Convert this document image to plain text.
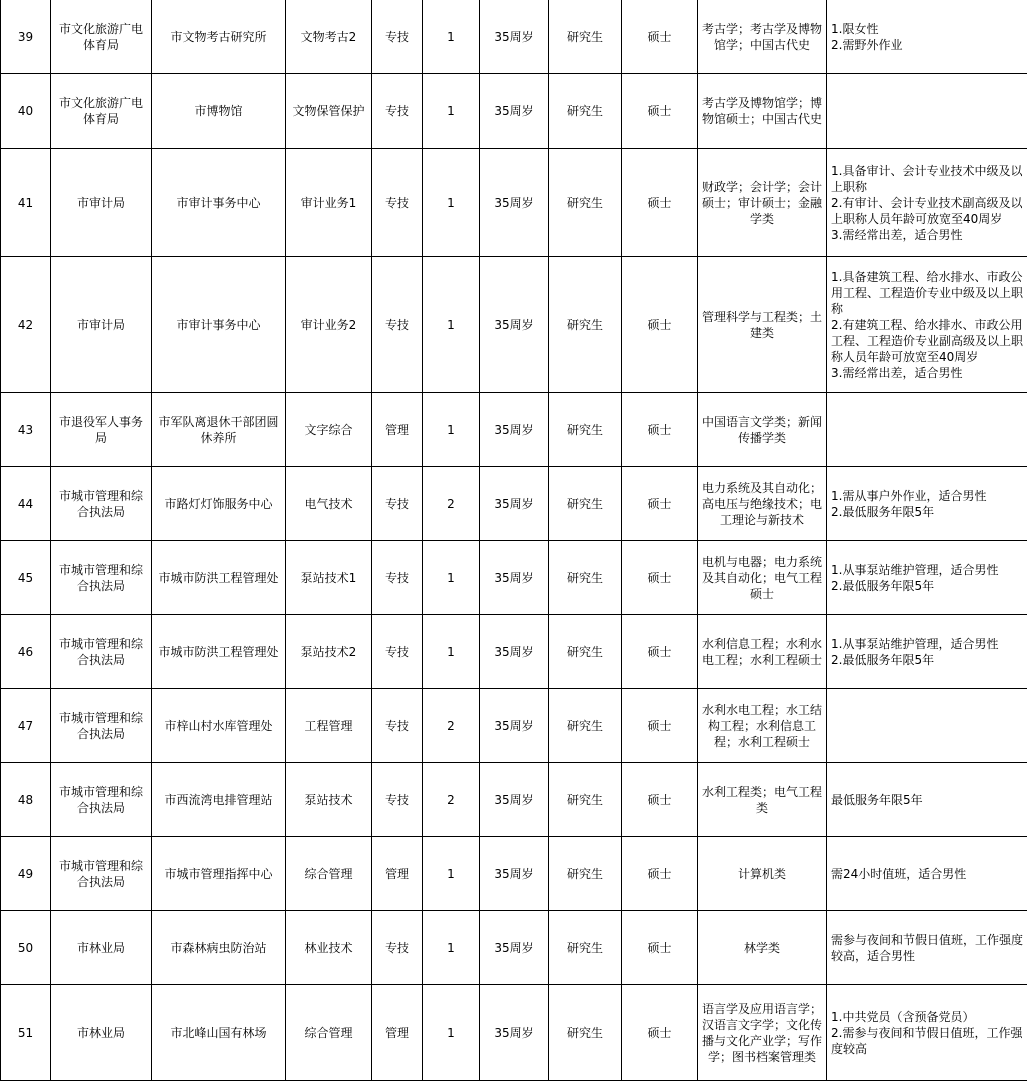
39	市文化旅游广电体育局	市文物考古研究所	文物考古2	专技	1	35周岁	研究生	硕士	考古学；考古学及博物馆学；中国古代史	1.限女性
2.需野外作业
40	市文化旅游广电体育局	市博物馆	文物保管保护	专技	1	35周岁	研究生	硕士	考古学及博物馆学；博物馆硕士；中国古代史	
41	市审计局	市审计事务中心	审计业务1	专技	1	35周岁	研究生	硕士	财政学；会计学；会计硕士；审计硕士；金融学类	1.具备审计、会计专业技术中级及以上职称
2.有审计、会计专业技术副高级及以上职称人员年龄可放宽至40周岁
3.需经常出差，适合男性
42	市审计局	市审计事务中心	审计业务2	专技	1	35周岁	研究生	硕士	管理科学与工程类；土建类	1.具备建筑工程、给水排水、市政公用工程、工程造价专业中级及以上职称
2.有建筑工程、给水排水、市政公用工程、工程造价专业副高级及以上职称人员年龄可放宽至40周岁
3.需经常出差，适合男性
43	市退役军人事务局	市军队离退休干部团圆休养所	文字综合	管理	1	35周岁	研究生	硕士	中国语言文学类；新闻传播学类	
44	市城市管理和综合执法局	市路灯灯饰服务中心	电气技术	专技	2	35周岁	研究生	硕士	电力系统及其自动化；高电压与绝缘技术；电工理论与新技术	1.需从事户外作业，适合男性
2.最低服务年限5年
45	市城市管理和综合执法局	市城市防洪工程管理处	泵站技术1	专技	1	35周岁	研究生	硕士	电机与电器；电力系统及其自动化；电气工程硕士	1.从事泵站维护管理，适合男性
2.最低服务年限5年
46	市城市管理和综合执法局	市城市防洪工程管理处	泵站技术2	专技	1	35周岁	研究生	硕士	水利信息工程；水利水电工程；水利工程硕士	1.从事泵站维护管理，适合男性
2.最低服务年限5年
47	市城市管理和综合执法局	市梓山村水库管理处	工程管理	专技	2	35周岁	研究生	硕士	水利水电工程；水工结构工程；水利信息工程；水利工程硕士	
48	市城市管理和综合执法局	市西流湾电排管理站	泵站技术	专技	2	35周岁	研究生	硕士	水利工程类；电气工程类	最低服务年限5年
49	市城市管理和综合执法局	市城市管理指挥中心	综合管理	管理	1	35周岁	研究生	硕士	计算机类	需24小时值班，适合男性
50	市林业局	市森林病虫防治站	林业技术	专技	1	35周岁	研究生	硕士	林学类	需参与夜间和节假日值班，工作强度较高，适合男性
51	市林业局	市北峰山国有林场	综合管理	管理	1	35周岁	研究生	硕士	语言学及应用语言学；汉语言文字学；文化传播与文化产业学；写作学；图书档案管理类	1.中共党员（含预备党员）
2.需参与夜间和节假日值班，工作强度较高
